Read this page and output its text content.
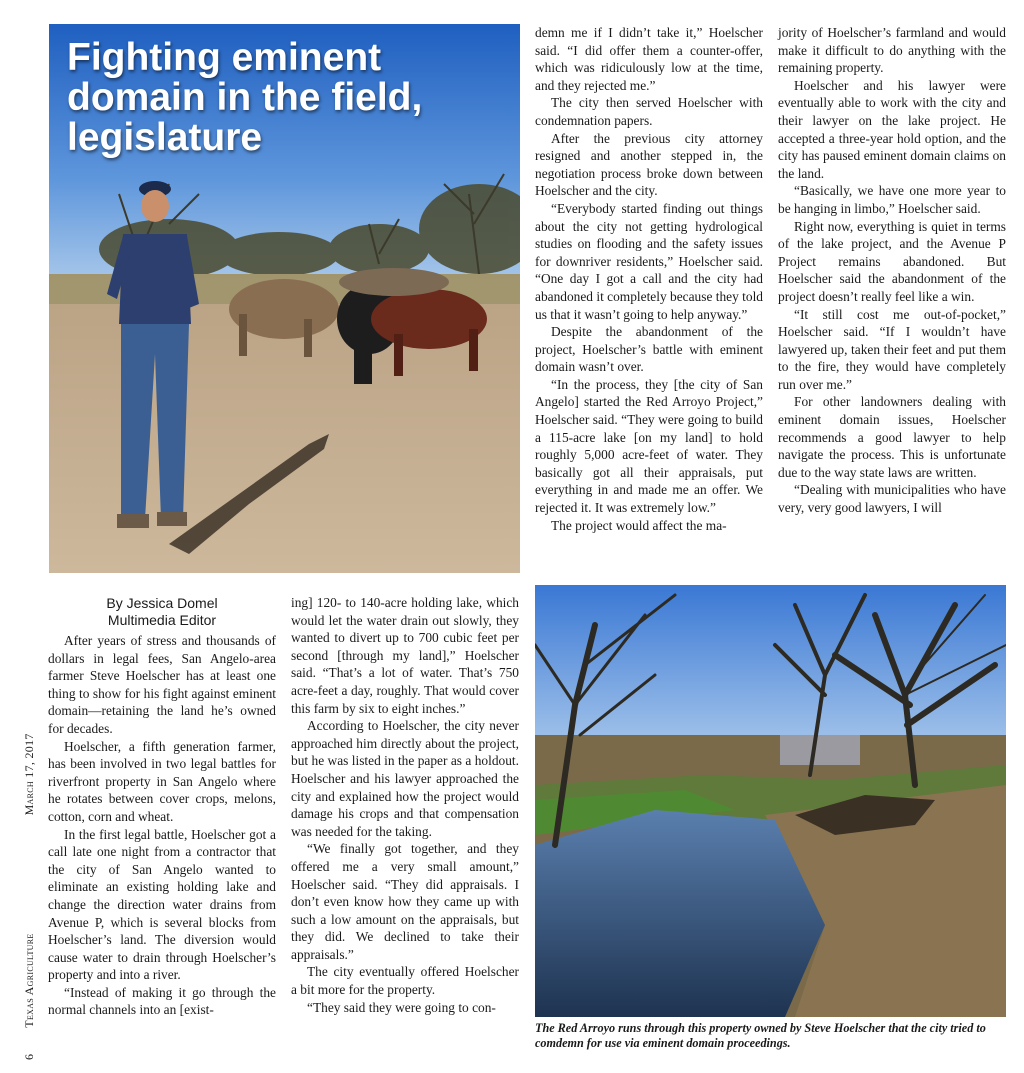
Fighting eminent
domain in the field,
legislature
By Jessica Domel
Multimedia Editor

After years of stress and thousands of dollars in legal fees, San Angelo-area farmer Steve Hoelscher has at least one thing to show for his fight against eminent domain—retaining the land he’s owned for decades.

Hoelscher, a fifth generation farmer, has been involved in two legal battles for riverfront property in San Angelo where he rotates between cover crops, melons, cotton, corn and wheat.

In the first legal battle, Hoelscher got a call late one night from a contractor that the city of San Angelo wanted to eliminate an existing holding lake and change the direction water drains from Avenue P, which is several blocks from Hoelscher’s land. The diversion would cause water to drain through Hoelscher’s property and into a river.

“Instead of making it go through the normal channels into an [exist-

ing] 120- to 140-acre holding lake, which would let the water drain out slowly, they wanted to divert up to 700 cubic feet per second [through my land],” Hoelscher said. “That’s a lot of water. That’s 750 acre-feet a day, roughly. That would cover this farm by six to eight inches.”

According to Hoelscher, the city never approached him directly about the project, but he was listed in the paper as a holdout. Hoelscher and his lawyer approached the city and explained how the project would damage his crops and that compensation was needed for the taking.

“We finally got together, and they offered me a very small amount,” Hoelscher said. “They did appraisals. I don’t even know how they came up with such a low amount on the appraisals, but they did. We declined to take their appraisals.”

The city eventually offered Hoelscher a bit more for the property.

“They said they were going to con-

demn me if I didn’t take it,” Hoelscher said. “I did offer them a counter-offer, which was ridiculously low at the time, and they rejected me.”

The city then served Hoelscher with condemnation papers.

After the previous city attorney resigned and another stepped in, the negotiation process broke down between Hoelscher and the city.

“Everybody started finding out things about the city not getting hydrological studies on flooding and the safety issues for downriver residents,” Hoelscher said. “One day I got a call and the city had abandoned it completely because they told us that it wasn’t going to help anyway.”

Despite the abandonment of the project, Hoelscher’s battle with eminent domain wasn’t over.

“In the process, they [the city of San Angelo] started the Red Arroyo Project,” Hoelscher said. “They were going to build a 115-acre lake [on my land] to hold roughly 5,000 acre-feet of water. They basically got all their appraisals, put everything in and made me an offer. We rejected it. It was extremely low.”

The project would affect the ma-

jority of Hoelscher’s farmland and would make it difficult to do anything with the remaining property.

Hoelscher and his lawyer were eventually able to work with the city and their lawyer on the lake project. He accepted a three-year hold option, and the city has paused eminent domain claims on the land.

“Basically, we have one more year to be hanging in limbo,” Hoelscher said.

Right now, everything is quiet in terms of the lake project, and the Avenue P Project remains abandoned. But Hoelscher said the abandonment of the project doesn’t really feel like a win.

“It still cost me out-of-pocket,” Hoelscher said. “If I wouldn’t have lawyered up, taken their feet and put them to the fire, they would have completely run over me.”

For other landowners dealing with eminent domain issues, Hoelscher recommends a good lawyer to help navigate the process. This is unfortunate due to the way state laws are written.

“Dealing with municipalities who have very, very good lawyers, I will

The Red Arroyo runs through this property owned by Steve Hoelscher that the city tried to comdemn for use via eminent domain proceedings.
6Texas AgricultureMarch 17, 2017
